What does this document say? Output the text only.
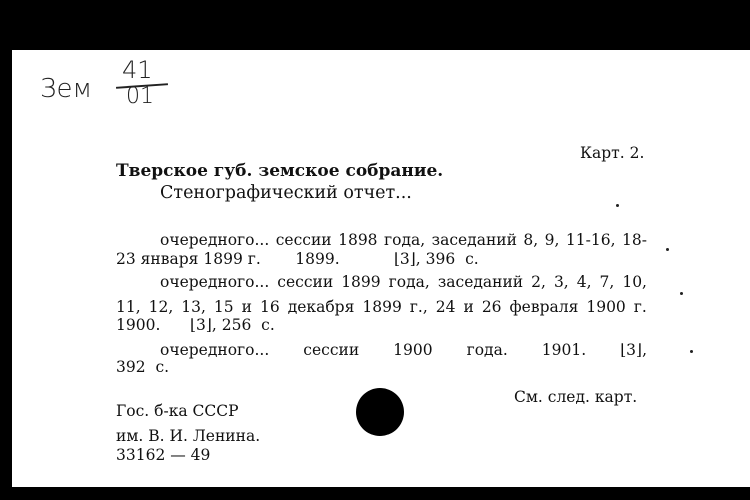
Зем
41
01
Карт. 2.
Тверское губ. земское собрание.
Стенографический отчет...
очередного... сессии 1898 года, заседаний 8, 9, 11-16, 18-
23 января 1899 г.       1899.           ⌊3⌋, 396  с.
очередного... сессии 1899 года, заседаний 2, 3, 4, 7, 10,
11, 12, 13, 15 и 16 декабря 1899 г., 24 и 26 февраля 1900 г.
1900.      ⌊3⌋, 256  с.
очередного... сессии 1900 года. 1901. ⌊3⌋,
392  с.
См. след. карт.
Гос. б-ка СССР
им. В. И. Ленина.
33162 — 49
